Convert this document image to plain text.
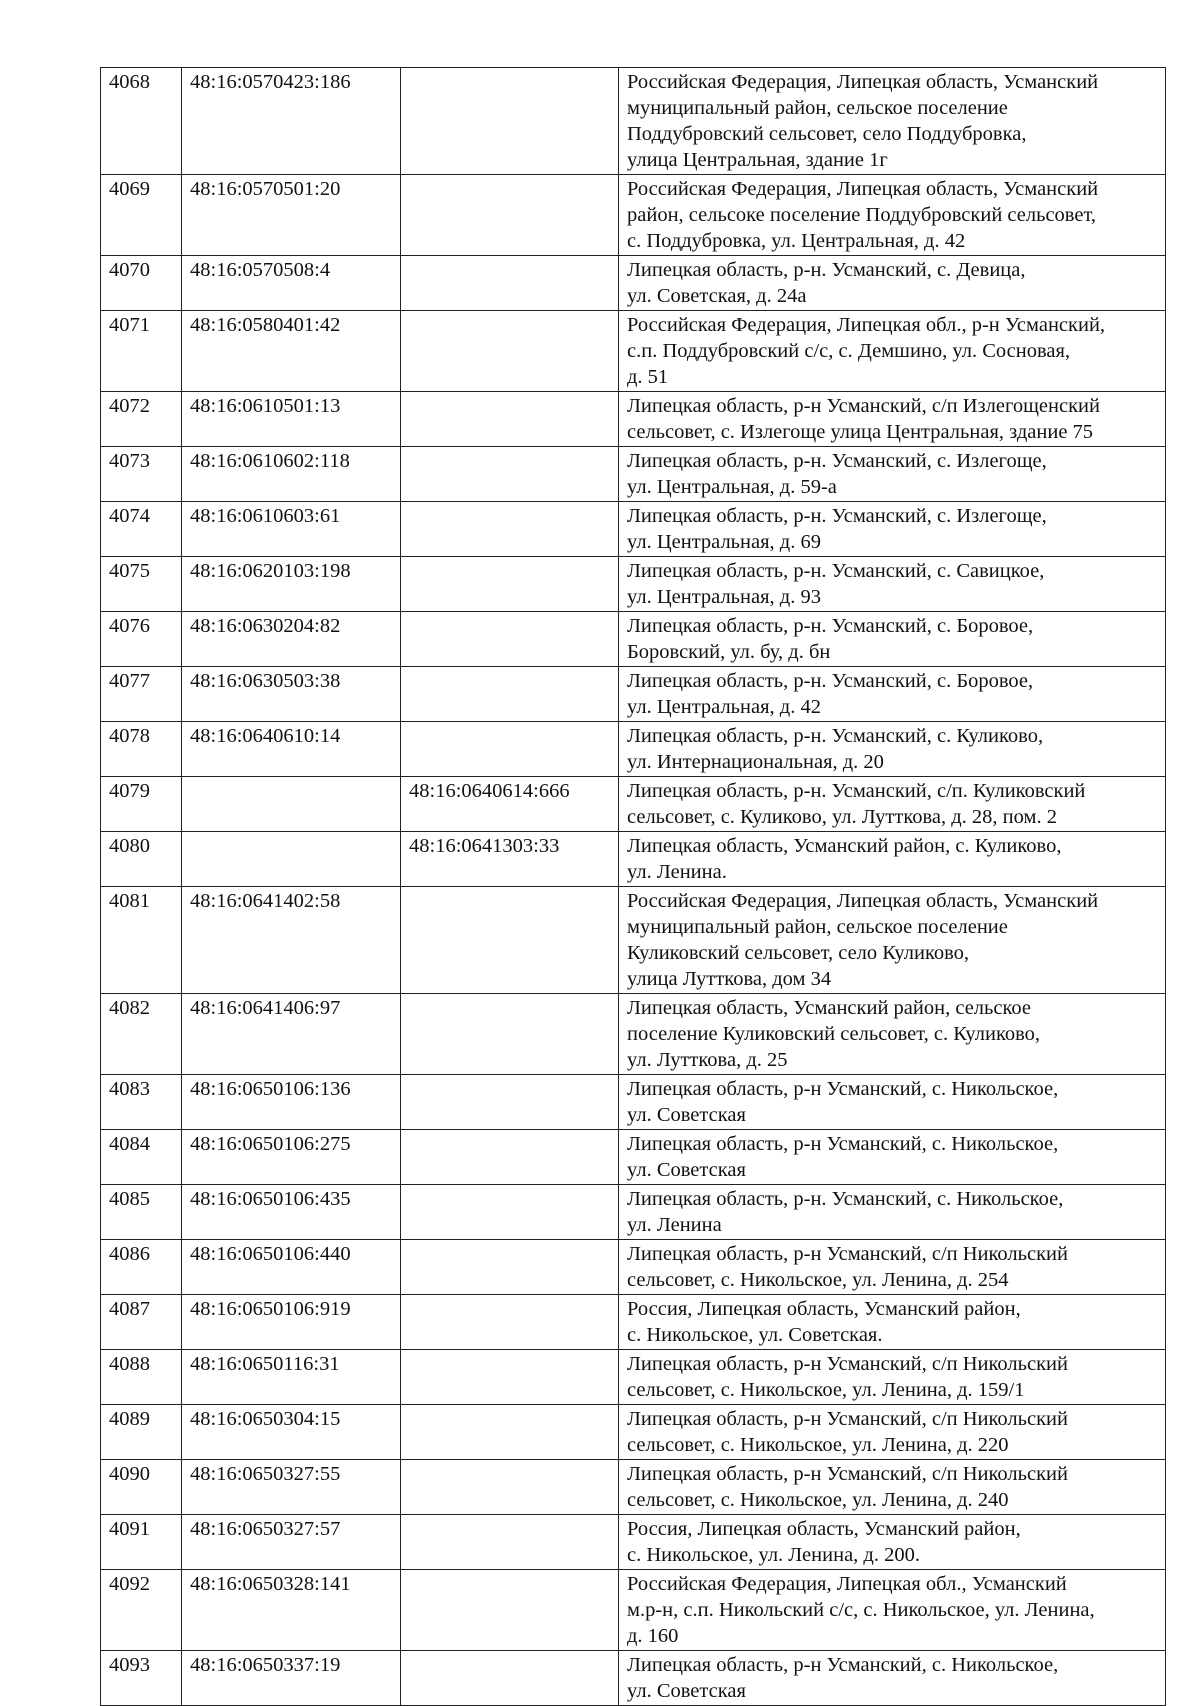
4068	48:16:0570423:186		Российская Федерация, Липецкая область, Усманский
муниципальный район, сельское поселение
Поддубровский сельсовет, село Поддубровка,
улица Центральная, здание 1г
4069	48:16:0570501:20		Российская Федерация, Липецкая область, Усманский
район, сельсоке поселение Поддубровский сельсовет,
с. Поддубровка, ул. Центральная, д. 42
4070	48:16:0570508:4		Липецкая область, р-н. Усманский, с. Девица,
ул. Советская, д. 24а
4071	48:16:0580401:42		Российская Федерация, Липецкая обл., р-н Усманский,
с.п. Поддубровский с/с, с. Демшино, ул. Сосновая,
д. 51
4072	48:16:0610501:13		Липецкая область, р-н Усманский, с/п Излегощенский
сельсовет, с. Излегоще улица Центральная, здание 75
4073	48:16:0610602:118		Липецкая область, р-н. Усманский, с. Излегоще,
ул. Центральная, д. 59-а
4074	48:16:0610603:61		Липецкая область, р-н. Усманский, с. Излегоще,
ул. Центральная, д. 69
4075	48:16:0620103:198		Липецкая область, р-н. Усманский, с. Савицкое,
ул. Центральная, д. 93
4076	48:16:0630204:82		Липецкая область, р-н. Усманский, с. Боровое,
Боровский, ул. бу, д. бн
4077	48:16:0630503:38		Липецкая область, р-н. Усманский, с. Боровое,
ул. Центральная, д. 42
4078	48:16:0640610:14		Липецкая область, р-н. Усманский, с. Куликово,
ул. Интернациональная, д. 20
4079		48:16:0640614:666	Липецкая область, р-н. Усманский, с/п. Куликовский
сельсовет, с. Куликово, ул. Лутткова, д. 28, пом. 2
4080		48:16:0641303:33	Липецкая область, Усманский район, с. Куликово,
ул. Ленина.
4081	48:16:0641402:58		Российская Федерация, Липецкая область, Усманский
муниципальный район, сельское поселение
Куликовский сельсовет, село Куликово,
улица Лутткова, дом 34
4082	48:16:0641406:97		Липецкая область, Усманский район, сельское
поселение Куликовский сельсовет, с. Куликово,
ул. Лутткова, д. 25
4083	48:16:0650106:136		Липецкая область, р-н Усманский, с. Никольское,
ул. Советская
4084	48:16:0650106:275		Липецкая область, р-н Усманский, с. Никольское,
ул. Советская
4085	48:16:0650106:435		Липецкая область, р-н. Усманский, с. Никольское,
ул. Ленина
4086	48:16:0650106:440		Липецкая область, р-н Усманский, с/п Никольский
сельсовет, с. Никольское, ул. Ленина, д. 254
4087	48:16:0650106:919		Россия, Липецкая область, Усманский район,
с. Никольское, ул. Советская.
4088	48:16:0650116:31		Липецкая область, р-н Усманский, с/п Никольский
сельсовет, с. Никольское, ул. Ленина, д. 159/1
4089	48:16:0650304:15		Липецкая область, р-н Усманский, с/п Никольский
сельсовет, с. Никольское, ул. Ленина, д. 220
4090	48:16:0650327:55		Липецкая область, р-н Усманский, с/п Никольский
сельсовет, с. Никольское, ул. Ленина, д. 240
4091	48:16:0650327:57		Россия, Липецкая область, Усманский район,
с. Никольское, ул. Ленина, д. 200.
4092	48:16:0650328:141		Российская Федерация, Липецкая обл., Усманский
м.р-н, с.п. Никольский с/с, с. Никольское, ул. Ленина,
д. 160
4093	48:16:0650337:19		Липецкая область, р-н Усманский, с. Никольское,
ул. Советская
